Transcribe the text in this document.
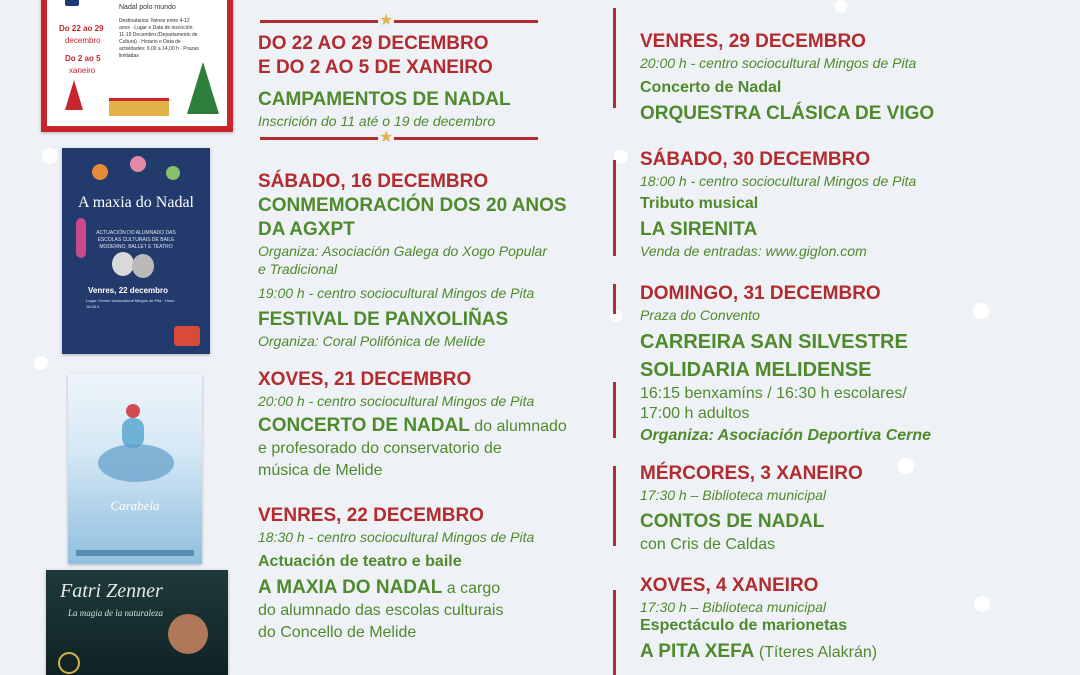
Nadal polo mundo
Do 22 ao 29
decembro
Do 2 ao 5
xaneiro
Destinatarios: Nenos entre 4-12 anos · Lugar e Data de inscrición: 11-19 Decembro (Departamento de Cultura) · Horario e Data de actividades: 9,00 a 14,00 h · Prazas limitadas
A maxia do Nadal
ACTUACIÓN DO ALUMNADO DAS ESCOLAS CULTURAIS DE BAILE MODERNO, BALLET E TEATRO
Venres, 22 decembro
Lugar: Centro sociocultural Mingos de Pita · Hora: 18:30 h
Carabela
Fatri Zenner
La magia de la naturaleza
★
★
DO 22 AO 29 DECEMBRO
E DO 2 AO 5 DE XANEIRO
CAMPAMENTOS DE NADAL
Inscrición do 11 até o 19 de decembro
SÁBADO, 16 DECEMBRO
CONMEMORACIÓN DOS 20 ANOS
DA AGXPT
Organiza: Asociación Galega do Xogo Popular
e Tradicional
19:00 h - centro sociocultural Mingos de Pita
FESTIVAL DE PANXOLIÑAS
Organiza: Coral Polifónica de Melide
XOVES, 21 DECEMBRO
20:00 h - centro sociocultural Mingos de Pita
CONCERTO DE NADAL do alumnado
e profesorado do conservatorio de
música de Melide
VENRES, 22 DECEMBRO
18:30 h - centro sociocultural Mingos de Pita
Actuación de teatro e baile
A MAXIA DO NADAL a cargo
do alumnado das escolas culturais
do Concello de Melide
VENRES, 29 DECEMBRO
20:00 h - centro sociocultural Mingos de Pita
Concerto de Nadal
ORQUESTRA CLÁSICA DE VIGO
SÁBADO, 30 DECEMBRO
18:00 h - centro sociocultural Mingos de Pita
Tributo musical
LA SIRENITA
Venda de entradas: www.giglon.com
DOMINGO, 31 DECEMBRO
Praza do Convento
CARREIRA SAN SILVESTRE
SOLIDARIA MELIDENSE
16:15 benxamíns / 16:30 h escolares/
17:00 h adultos
Organiza: Asociación Deportiva Cerne
MÉRCORES, 3 XANEIRO
17:30 h – Biblioteca municipal
CONTOS DE NADAL
con Cris de Caldas
XOVES, 4 XANEIRO
17:30 h – Biblioteca municipal
Espectáculo de marionetas
A PITA XEFA (Títeres Alakrán)
